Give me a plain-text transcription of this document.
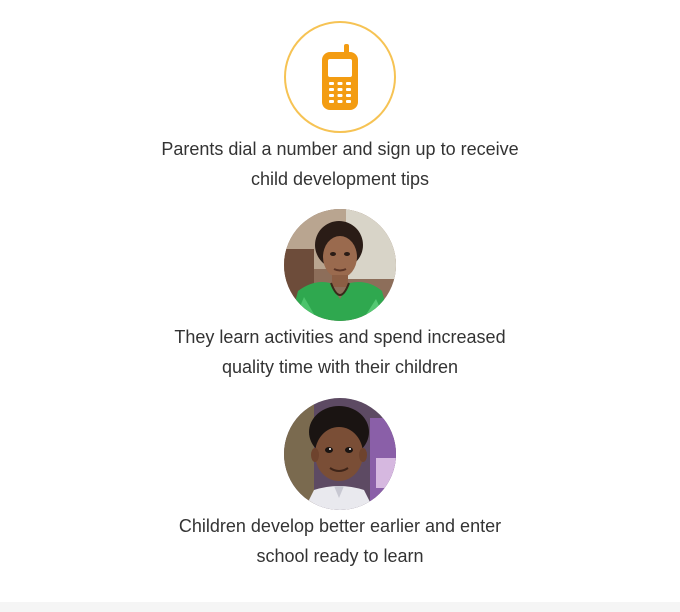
Parents dial a number and sign up to receive
child development tips
They learn activities and spend increased
quality time with their children
Children develop better earlier and enter
school ready to learn
